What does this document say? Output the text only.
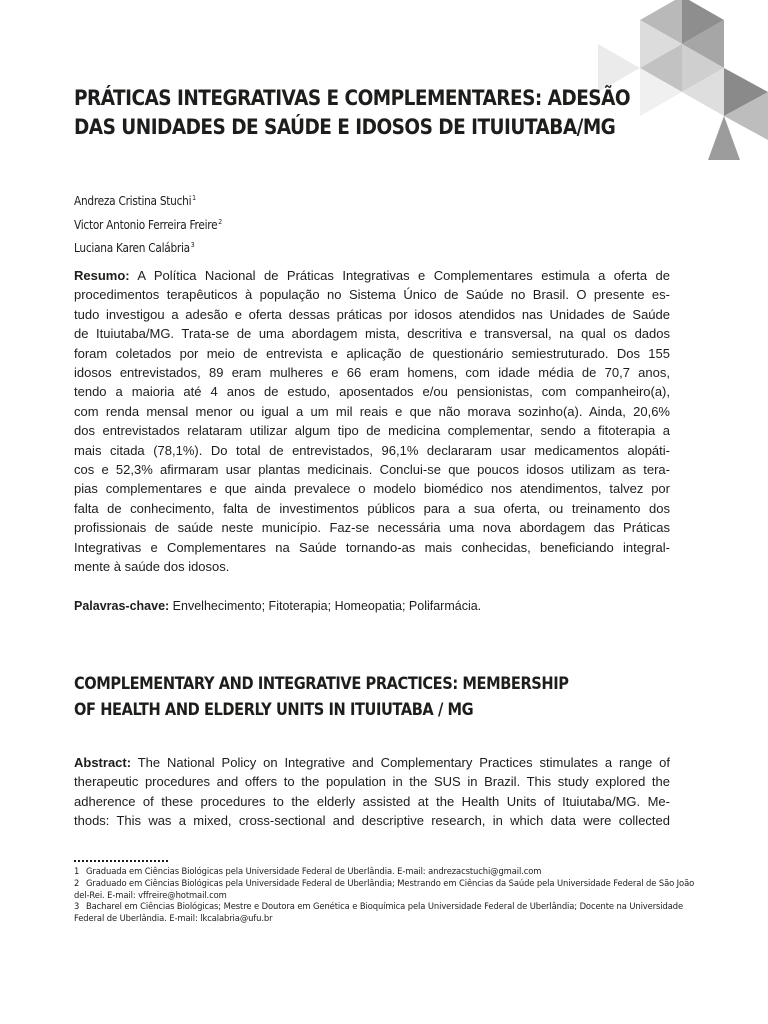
PRÁTICAS INTEGRATIVAS E COMPLEMENTARES: ADESÃO
DAS UNIDADES DE SAÚDE E IDOSOS DE ITUIUTABA/MG
Andreza Cristina Stuchi$^1$
Victor Antonio Ferreira Freire$^2$
Luciana Karen Calábria$^3$
Resumo: A Política Nacional de Práticas Integrativas e Complementares estimula a oferta de
procedimentos terapêuticos à população no Sistema Único de Saúde no Brasil. O presente es-
tudo investigou a adesão e oferta dessas práticas por idosos atendidos nas Unidades de Saúde
de Ituiutaba/MG. Trata-se de uma abordagem mista, descritiva e transversal, na qual os dados
foram coletados por meio de entrevista e aplicação de questionário semiestruturado. Dos 155
idosos entrevistados, 89 eram mulheres e 66 eram homens, com idade média de 70,7 anos,
tendo a maioria até 4 anos de estudo, aposentados e/ou pensionistas, com companheiro(a),
com renda mensal menor ou igual a um mil reais e que não morava sozinho(a). Ainda, 20,6%
dos entrevistados relataram utilizar algum tipo de medicina complementar, sendo a fitoterapia a
mais citada (78,1%). Do total de entrevistados, 96,1% declararam usar medicamentos alopáti-
cos e 52,3% afirmaram usar plantas medicinais. Conclui-se que poucos idosos utilizam as tera-
pias complementares e que ainda prevalece o modelo biomédico nos atendimentos, talvez por
falta de conhecimento, falta de investimentos públicos para a sua oferta, ou treinamento dos
profissionais de saúde neste município. Faz-se necessária uma nova abordagem das Práticas
Integrativas e Complementares na Saúde tornando-as mais conhecidas, beneficiando integral-
mente à saúde dos idosos.
Palavras-chave: Envelhecimento; Fitoterapia; Homeopatia; Polifarmácia.
COMPLEMENTARY AND INTEGRATIVE PRACTICES: MEMBERSHIP
OF HEALTH AND ELDERLY UNITS IN ITUIUTABA / MG
Abstract: The National Policy on Integrative and Complementary Practices stimulates a range of
therapeutic procedures and offers to the population in the SUS in Brazil. This study explored the
adherence of these procedures to the elderly assisted at the Health Units of Ituiutaba/MG. Me-
thods: This was a mixed, cross-sectional and descriptive research, in which data were collected
1 Graduada em Ciências Biológicas pela Universidade Federal de Uberlândia. E-mail: andrezacstuchi@gmail.com
2 Graduado em Ciências Biológicas pela Universidade Federal de Uberlândia; Mestrando em Ciências da Saúde pela Universidade Federal de São João
del-Rei. E-mail: vffreire@hotmail.com
3 Bacharel em Ciências Biológicas; Mestre e Doutora em Genética e Bioquímica pela Universidade Federal de Uberlândia; Docente na Universidade
Federal de Uberlândia. E-mail: lkcalabria@ufu.br
